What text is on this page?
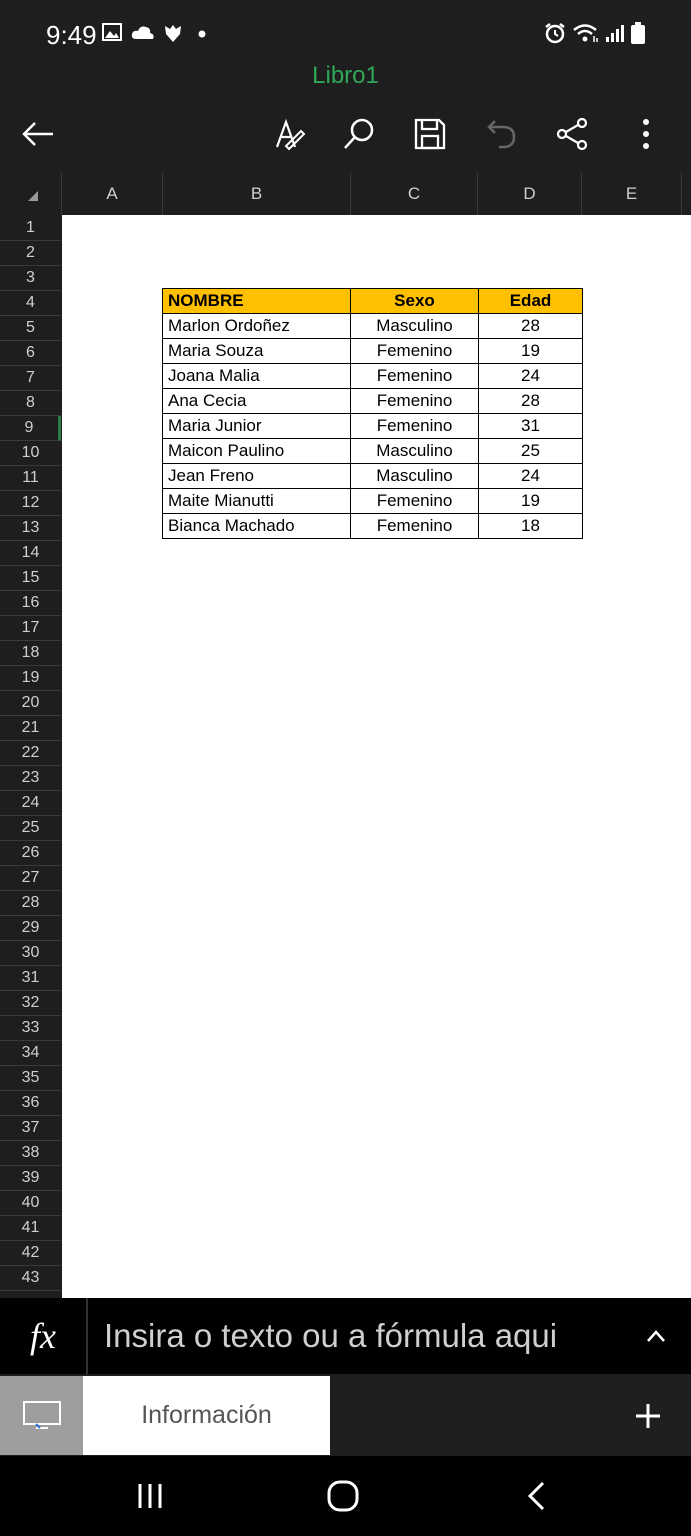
9:49
Libro1
A	B	C	D	E
1
2
3
4
5
6
7
8
9
10
11
12
13
14
15
16
17
18
19
20
21
22
23
24
25
26
27
28
29
30
31
32
33
34
35
36
37
38
39
40
41
42
43
NOMBRE	Sexo	Edad
Marlon Ordoñez	Masculino	28
Maria Souza	Femenino	19
Joana Malia	Femenino	24
Ana Cecia	Femenino	28
Maria Junior	Femenino	31
Maicon Paulino	Masculino	25
Jean Freno	Masculino	24
Maite Mianutti	Femenino	19
Bianca Machado	Femenino	18
fx
Insira o texto ou a fórmula aqui
Información
